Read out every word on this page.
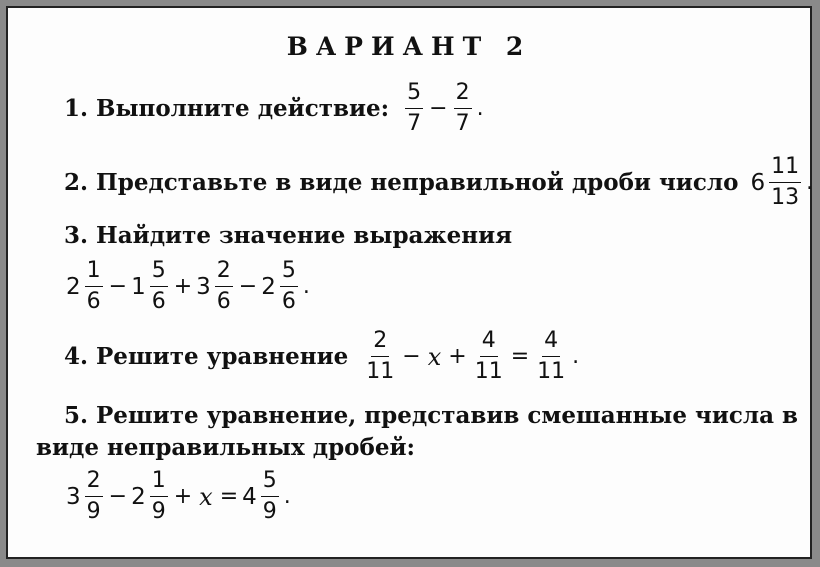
ВАРИАНТ 2
1. Выполните действие: $\frac{5}{7} - \frac{2}{7}$ .
2. Представьте в виде неправильной дроби число $6 \frac{11}{13}$ .
3. Найдите значение выражения
$2 \frac{1}{6} - 1 \frac{5}{6} + 3 \frac{2}{6} - 2 \frac{5}{6}$ .
4. Решите уравнение $\frac{2}{11} - x + \frac{4}{11} = \frac{4}{11}$ .
5. Решите уравнение, представив смешанные числа в
виде неправильных дробей:
$3 \frac{2}{9} - 2 \frac{1}{9} + x = 4 \frac{5}{9}$ .
